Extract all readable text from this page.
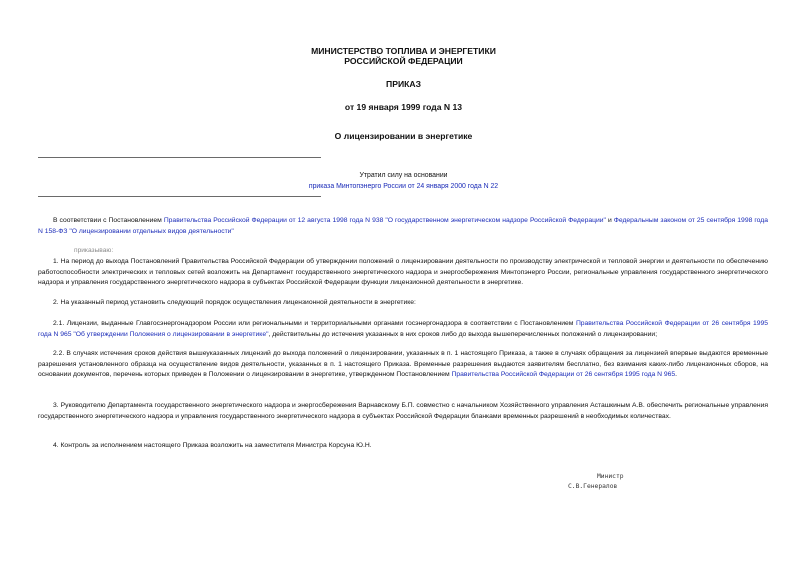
МИНИСТЕРСТВО ТОПЛИВА И ЭНЕРГЕТИКИ
РОССИЙСКОЙ ФЕДЕРАЦИИ
ПРИКАЗ
от 19 января 1999 года N 13
О лицензировании в энергетике
Утратил силу на основании
приказа Минтопэнерго России от 24 января 2000 года N 22
В соответствии с Постановлением Правительства Российской Федерации от 12 августа 1998 года N 938 "О государственном энергетическом надзоре Российской Федерации" и Федеральным законом от 25 сентября 1998 года N 158-ФЗ "О лицензировании отдельных видов деятельности"
приказываю:
1. На период до выхода Постановлений Правительства Российской Федерации об утверждении положений о лицензировании деятельности по производству электрической и тепловой энергии и деятельности по обеспечению работоспособности электрических и тепловых сетей возложить на Департамент государственного энергетического надзора и энергосбережения Минтопэнерго России, региональные управления государственного энергетического надзора и управления государственного энергетического надзора в субъектах Российской Федерации функции лицензионной деятельности в энергетике.
2. На указанный период установить следующий порядок осуществления лицензионной деятельности в энергетике:
2.1. Лицензии, выданные Главгосэнергонадзором России или региональными и территориальными органами госэнергонадзора в соответствии с Постановлением Правительства Российской Федерации от 26 сентября 1995 года N 965 "Об утверждении Положения о лицензировании в энергетике", действительны до истечения указанных в них сроков либо до выхода вышеперечисленных положений о лицензировании;
2.2. В случаях истечения сроков действия вышеуказанных лицензий до выхода положений о лицензировании, указанных в п. 1 настоящего Приказа, а также в случаях обращения за лицензией впервые выдаются временные разрешения установленного образца на осуществление видов деятельности, указанных в п. 1 настоящего Приказа. Временные разрешения выдаются заявителям бесплатно, без взимания каких-либо лицензионных сборов, на основании документов, перечень которых приведен в Положении о лицензировании в энергетике, утвержденном Постановлением Правительства Российской Федерации от 26 сентября 1995 года N 965.
3. Руководителю Департамента государственного энергетического надзора и энергосбережения Варнавскому Б.П. совместно с начальником Хозяйственного управления Асташкиным А.В. обеспечить региональные управления государственного энергетического надзора и управления государственного энергетического надзора в субъектах Российской Федерации бланками временных разрешений в необходимых количествах.
4. Контроль за исполнением настоящего Приказа возложить на заместителя Министра Корсуна Ю.Н.
Министр
С.В.Генералов
